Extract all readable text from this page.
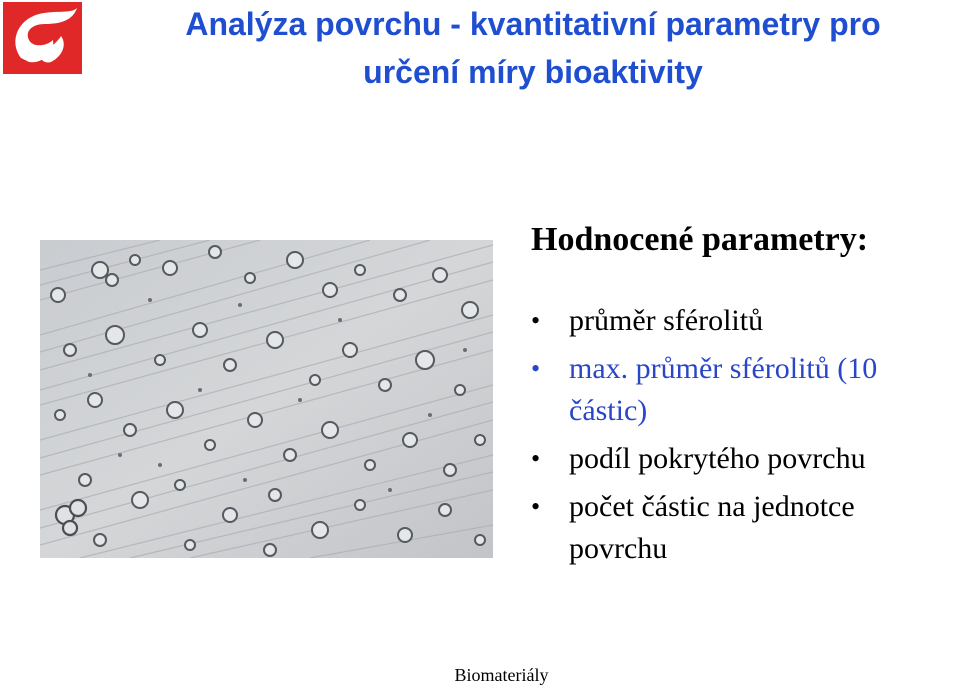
Analýza povrchu - kvantitativní parametry pro
určení míry bioaktivity
Hodnocené parametry:
• průměr sférolitů
• max. průměr sférolitů (10 částic)
• podíl pokrytého povrchu
• počet částic na jednotce povrchu
Biomateriály
